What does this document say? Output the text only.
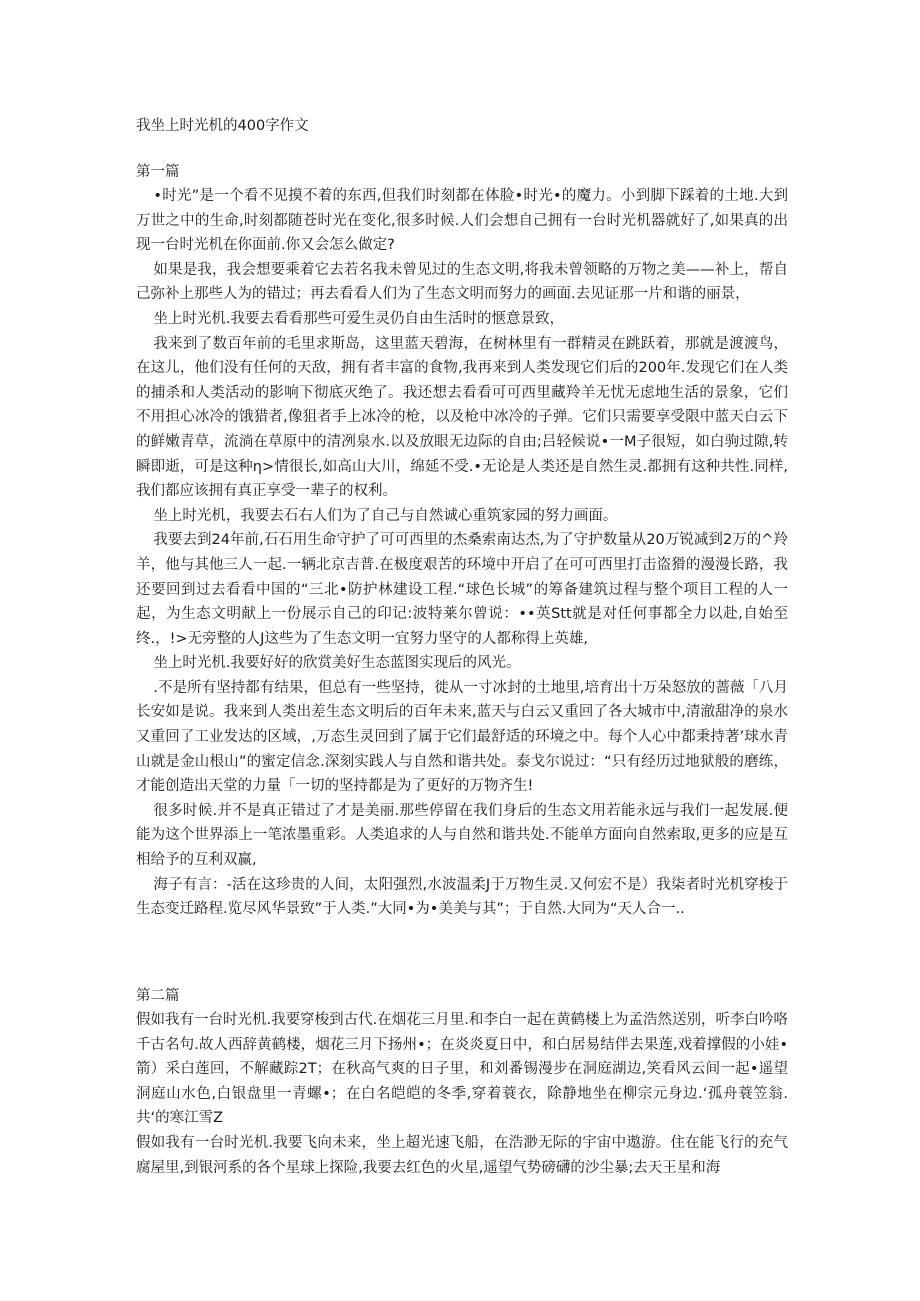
我坐上时光机的400字作文
第一篇

•时光”是一个看不见摸不着的东西,但我们时刻都在体脸•时光•的魔力。小到脚下踩着的土地.大到万世之中的生命,时刻都随苍时光在变化,很多时候.人们会想自己拥有一台时光机器就好了,如果真的出现一台时光机在你面前.你又会怎么做定?

如果是我，我会想要乘着它去若名我未曾见过的生态文明,将我未曾领略的万物之美——补上，帮自己弥补上那些人为的错过；再去看看人们为了生态文明而努力的画面.去见证那一片和谐的丽景，

坐上时光机.我要去看看那些可爱生灵仍自由生活时的惬意景致，

我来到了数百年前的毛里求斯岛，这里蓝天碧海，在树林里有一群精灵在跳跃着，那就是渡渡鸟，在这儿，他们没有任何的天敌，拥有者丰富的食物,我再来到人类发现它们后的200年.发现它们在人类的捕杀和人类活动的影响下彻底灭绝了。我还想去看看可可西里藏羚羊无忧无虑地生活的景象，它们不用担心冰冷的饿猎者,像狙者手上冰冷的枪，以及枪中冰冷的子弹。它们只需要享受限中蓝天白云下的鲜嫩青草，流淌在草原中的清冽泉水.以及放眼无边际的自由;吕轻候说•一M子很短，如白驹过隙,转瞬即逝，可是这种η>情很长,如高山大川，绵延不受.•无论是人类还是自然生灵.都拥有这种共性.同样,我们都应该拥有真正享受一辈子的权利。

坐上时光机，我要去石右人们为了自己与自然诚心重筑家园的努力画面。

我要去到24年前,石石用生命守护了可可西里的杰桑索南达杰,为了守护数量从20万锐减到2万的^羚羊，他与其他三人一起.一辆北京吉普.在极度艰苦的环境中开启了在可可西里打击盗猾的漫漫长路，我还要回到过去看看中国的“三北•防护林建设工程.“球色长城”的筹备建筑过程与整个项目工程的人一起，为生态文明献上一份展示自己的印记:波特莱尔曾说：••英Stt就是对任何事都全力以赴,自始至终.，!>无旁整的人J这些为了生态文明一宜努力坚守的人都称得上英雄,

坐上时光机.我要好好的欣赏美好生态蓝图实现后的风光。

.不是所有坚持都有结果，但总有一些坚持，徙从一寸冰封的土地里,培育出十万朵怒放的蔷薇「八月长安如是说。我来到人类出差生态文明后的百年未来,蓝天与白云又重回了各大城市中,清澈甜净的泉水又重回了工业发达的区域，,万态生灵回到了属于它们最舒适的环境之中。每个人心中都秉持著’球水青山就是金山根山”的蜜定信念.深刻实践人与自然和谐共处。泰戈尔说过：“只有经历过地狱般的磨练，才能创造出天堂的力量「一切的坚持都是为了更好的万物齐生!

很多时候.并不是真正错过了才是美丽.那些停留在我们身后的生态文用若能永远与我们一起发展.便能为这个世界添上一笔浓墨重彩。人类追求的人与自然和谐共处.不能单方面向自然索取,更多的应是互相给予的互利双赢,

海子有言：-活在这珍贵的人间，太阳强烈,水波温柔J于万物生灵.又何宏不是）我柒者时光机穿梭于生态变迁路程.览尽风华景致”于人类.”大同•为•美美与其”；于自然.大同为“天人合一..

第二篇

假如我有一台时光机.我要穿梭到古代.在烟花三月里.和李白一起在黄鹤楼上为孟浩然送别，听李白吟咯千古名句.故人西辞黄鹤楼，烟花三月下扬州•；在炎炎夏日中，和白居易结伴去果莲,戏着撑假的小娃•箭）采白莲回，不解藏踪2T；在秋高气爽的日子里，和刘番锡漫步在洞庭湖边,笑看风云间一起•遥望洞庭山水色,白银盘里一青螺•；在白名皑皑的冬季,穿着蓑衣，除静地坐在柳宗元身边.‘孤舟蓑笠翁.共‘的寒江雪Z

假如我有一台时光机.我要飞向未来，坐上超光速飞船，在浩渺无际的宇宙中遨游。住在能飞行的充气腐屋里,到银河系的各个星球上探险,我要去红色的火星,遥望气势磅礴的沙尘暴;去天王星和海
